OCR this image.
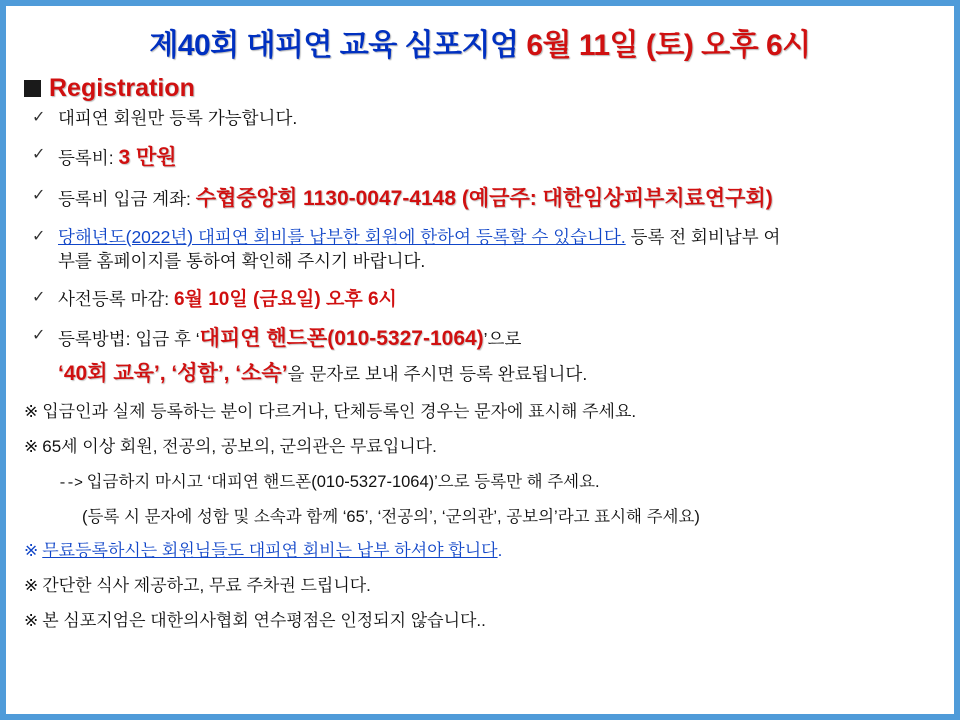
제40회 대피연 교육 심포지엄 6월 11일 (토) 오후 6시
Registration
✓ 대피연 회원만 등록 가능합니다.
✓ 등록비: 3 만원
✓ 등록비 입금 계좌: 수협중앙회 1130-0047-4148 (예금주: 대한임상피부치료연구회)
✓ 당해년도(2022년) 대피연 회비를 납부한 회원에 한하여 등록할 수 있습니다. 등록 전 회비납부 여
부를 홈페이지를 통하여 확인해 주시기 바랍니다.
✓ 사전등록 마감: 6월 10일 (금요일) 오후 6시
✓ 등록방법: 입금 후 ‘대피연 핸드폰(010-5327-1064)’으로
‘40회 교육’, ‘성함’, ‘소속’을 문자로 보내 주시면 등록 완료됩니다.
※ 입금인과 실제 등록하는 분이 다르거나, 단체등록인 경우는 문자에 표시해 주세요.
※ 65세 이상 회원, 전공의, 공보의, 군의관은 무료입니다.
--> 입금하지 마시고 ‘대피연 핸드폰(010-5327-1064)’으로 등록만 해 주세요.
(등록 시 문자에 성함 및 소속과 함께 ‘65’, ‘전공의’, ‘군의관’, 공보의’라고 표시해 주세요)
※ 무료등록하시는 회원님들도 대피연 회비는 납부 하셔야 합니다.
※ 간단한 식사 제공하고, 무료 주차권 드립니다.
※ 본 심포지엄은 대한의사협회 연수평점은 인정되지 않습니다..
